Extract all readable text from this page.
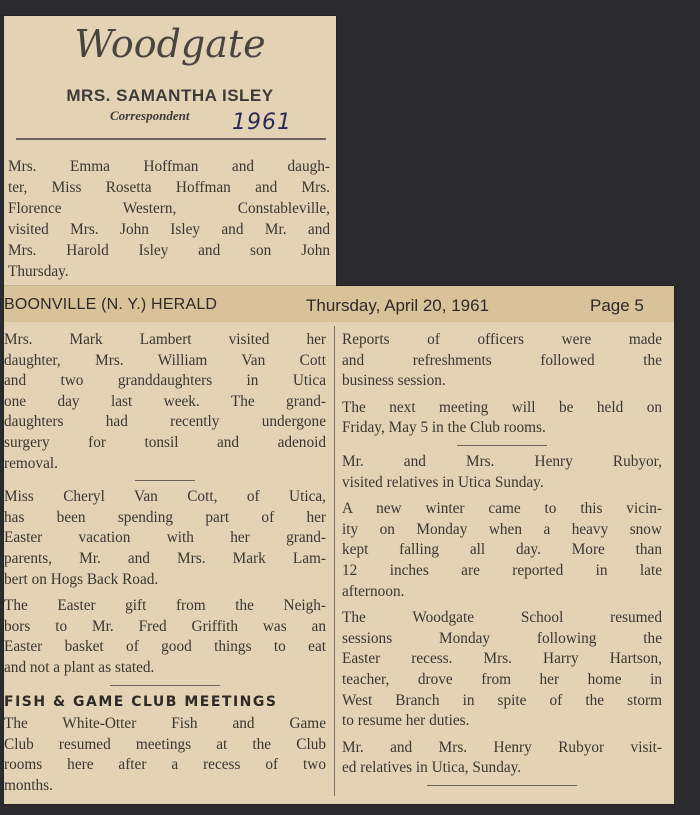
Woodgate
MRS. SAMANTHA ISLEY
Correspondent 1961
Mrs. Emma Hoffman and daugh-
ter, Miss Rosetta Hoffman and Mrs.
Florence Western, Constableville,
visited Mrs. John Isley and Mr. and
Mrs. Harold Isley and son John
Thursday.
BOONVILLE (N. Y.) HERALD	Thursday, April 20, 1961	Page 5

Mrs. Mark Lambert visited her
daughter, Mrs. William Van Cott
and two granddaughters in Utica
one day last week. The grand-
daughters had recently undergone
surgery for tonsil and adenoid
removal.

Miss Cheryl Van Cott, of Utica,
has been spending part of her
Easter vacation with her grand-
parents, Mr. and Mrs. Mark Lam-
bert on Hogs Back Road.

The Easter gift from the Neigh-
bors to Mr. Fred Griffith was an
Easter basket of good things to eat
and not a plant as stated.

FISH & GAME CLUB MEETINGS

The White-Otter Fish and Game
Club resumed meetings at the Club
rooms here after a recess of two
months.

Reports of officers were made
and refreshments followed the
business session.

The next meeting will be held on
Friday, May 5 in the Club rooms.

Mr. and Mrs. Henry Rubyor,
visited relatives in Utica Sunday.

A new winter came to this vicin-
ity on Monday when a heavy snow
kept falling all day. More than
12 inches are reported in late
afternoon.

The Woodgate School resumed
sessions Monday following the
Easter recess. Mrs. Harry Hartson,
teacher, drove from her home in
West Branch in spite of the storm
to resume her duties.

Mr. and Mrs. Henry Rubyor visit-
ed relatives in Utica, Sunday.
